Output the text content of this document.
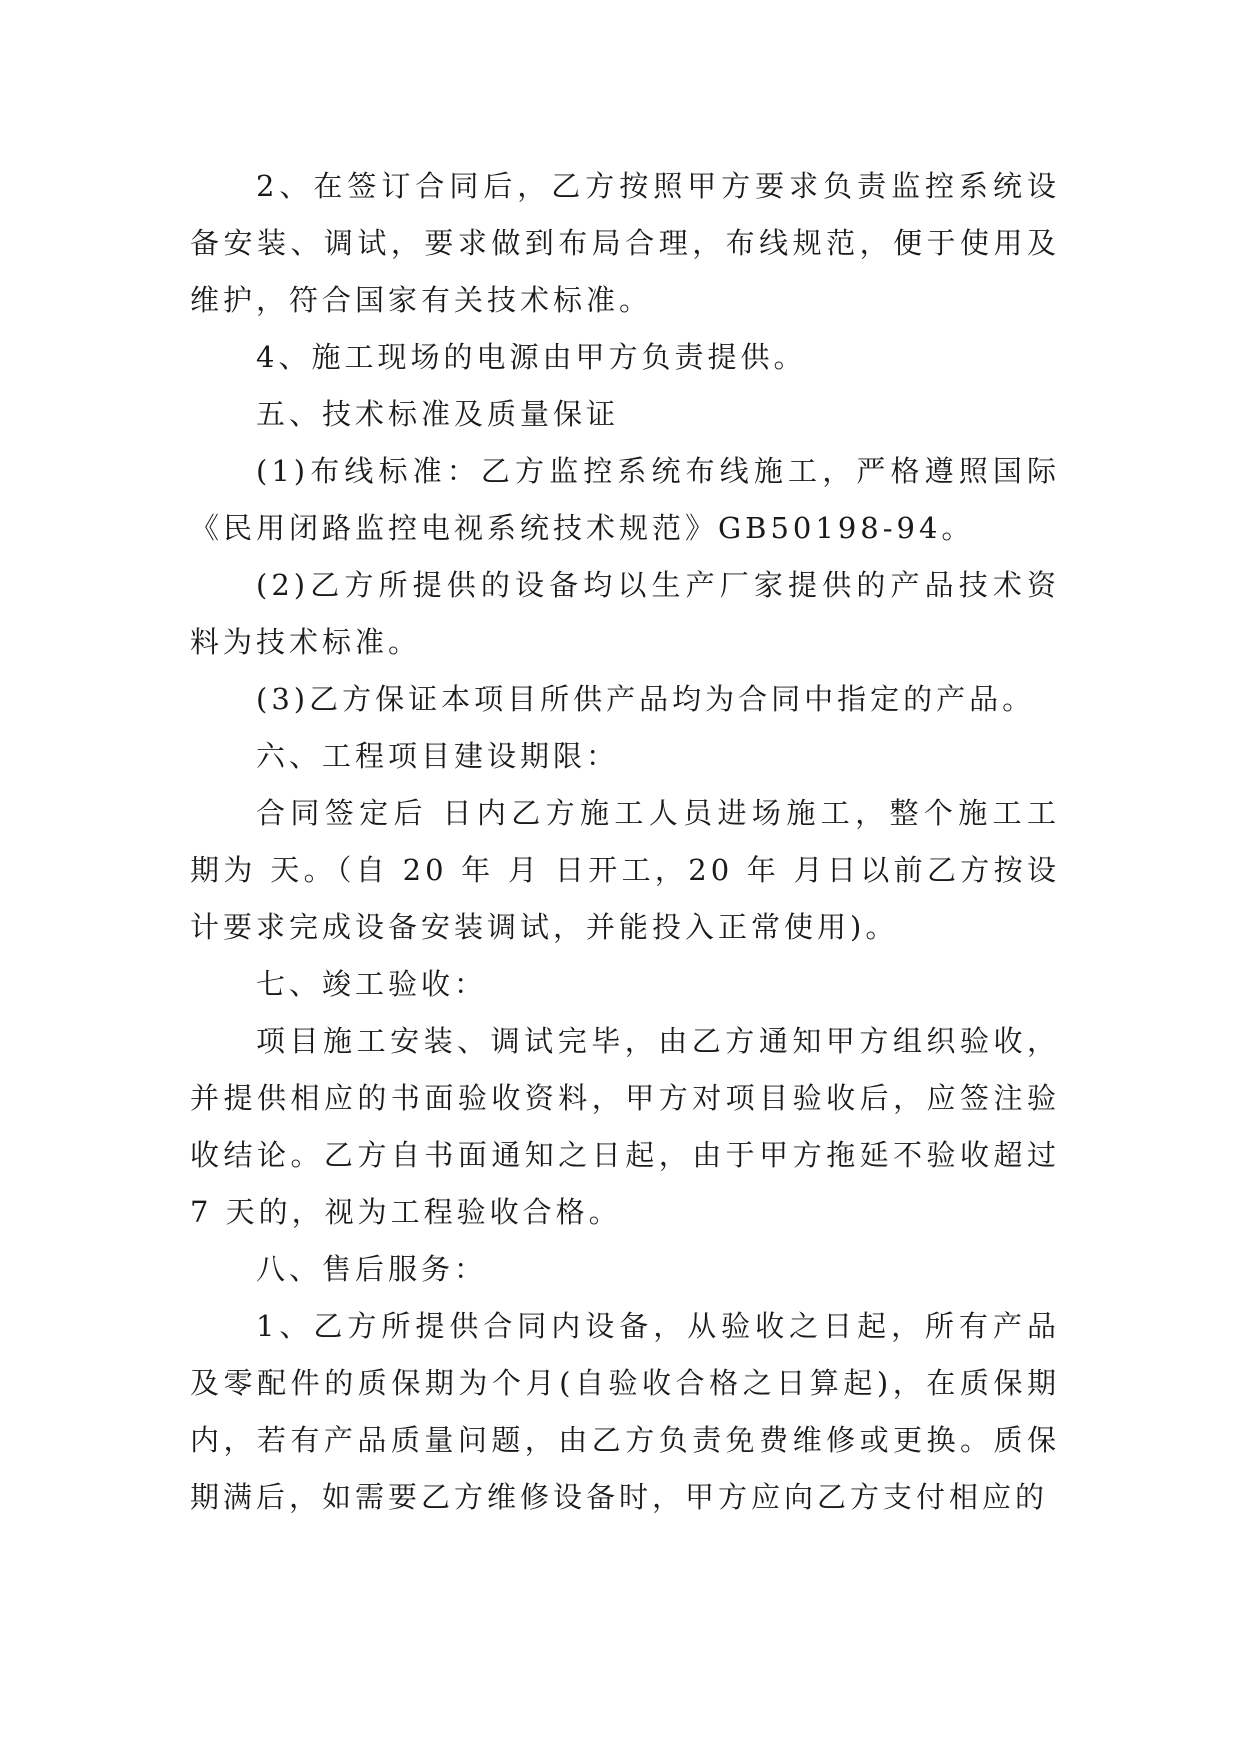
2、在签订合同后，乙方按照甲方要求负责监控系统设备安装、调试，要求做到布局合理，布线规范，便于使用及维护，符合国家有关技术标准。

4、施工现场的电源由甲方负责提供。

五、技术标准及质量保证

(1)布线标准：乙方监控系统布线施工，严格遵照国际《民用闭路监控电视系统技术规范》GB50198-94。

(2)乙方所提供的设备均以生产厂家提供的产品技术资料为技术标准。

(3)乙方保证本项目所供产品均为合同中指定的产品。

六、工程项目建设期限：

合同签定后 日内乙方施工人员进场施工，整个施工工期为 天。（自 20 年 月 日开工，20 年 月日以前乙方按设计要求完成设备安装调试，并能投入正常使用)。

七、竣工验收：

项目施工安装、调试完毕，由乙方通知甲方组织验收，并提供相应的书面验收资料，甲方对项目验收后，应签注验收结论。乙方自书面通知之日起，由于甲方拖延不验收超过 7 天的，视为工程验收合格。

八、售后服务：

1、乙方所提供合同内设备，从验收之日起，所有产品及零配件的质保期为个月(自验收合格之日算起)，在质保期内，若有产品质量问题，由乙方负责免费维修或更换。质保期满后，如需要乙方维修设备时，甲方应向乙方支付相应的
